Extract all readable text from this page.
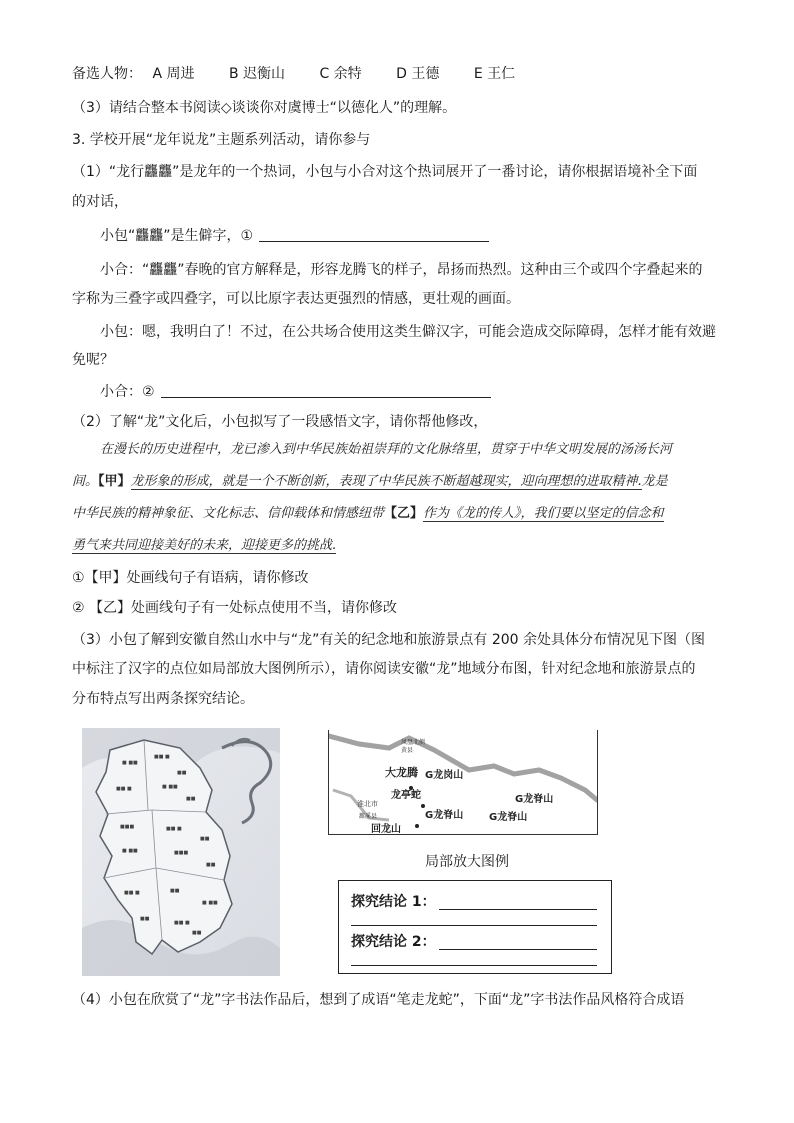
备选人物： A 周进 B 迟衡山 C 余特 D 王德 E 王仁
（3）请结合整本书阅读◇谈谈你对虞博士“以德化人”的理解。
3. 学校开展“龙年说龙”主题系列活动，请你参与
（1）“龙行龘龘”是龙年的一个热词，小包与小合对这个热词展开了一番讨论，请你根据语境补全下面
的对话，
小包“龘龘”是生僻字，①
小合：“龘龘”春晚的官方解释是，形容龙腾飞的样子，昂扬而热烈。这种由三个或四个字叠起来的
字称为三叠字或四叠字，可以比原字表达更强烈的情感，更壮观的画面。
小包：嗯，我明白了！不过，在公共场合使用这类生僻汉字，可能会造成交际障碍，怎样才能有效避
免呢？
小合：②
（2）了解“龙”文化后，小包拟写了一段感悟文字，请你帮他修改，
在漫长的历史进程中，龙已渗入到中华民族始祖崇拜的文化脉络里，贯穿于中华文明发展的汤汤长河
间。【甲】龙形象的形成，就是一个不断创新，表现了中华民族不断超越现实，迎向理想的进取精神.龙是
中华民族的精神象征、文化标志、信仰载体和情感纽带【乙】作为《龙的传人》，我们要以坚定的信念和
勇气来共同迎接美好的未来，迎接更多的挑战.
①【甲】处画线句子有语病，请你修改
② 【乙】处画线句子有一处标点使用不当，请你修改
（3）小包了解到安徽自然山水中与“龙”有关的纪念地和旅游景点有 200 余处具体分布情况见下图（图
中标注了汉字的点位如局部放大图例所示），请你阅读安徽“龙”地域分布图，针对纪念地和旅游景点的
分布特点写出两条探究结论。
■ ■■
■■ ■
■■
■■ ■	■ ■■
■■
■■■	■■ ■
■■
■ ■■	■■■
■■
■■ ■	■■
■ ■■
■■
■■ ■
■■
凤凰北侧
黄县
大龙腾 G龙岗山
G龙脊山
淮北市
龙亭蛇
G龙脊山	G龙脊山
濉溪县
回龙山
局部放大图例
探究结论 1：
探究结论 2：
（4）小包在欣赏了“龙”字书法作品后，想到了成语“笔走龙蛇”，下面“龙”字书法作品风格符合成语
